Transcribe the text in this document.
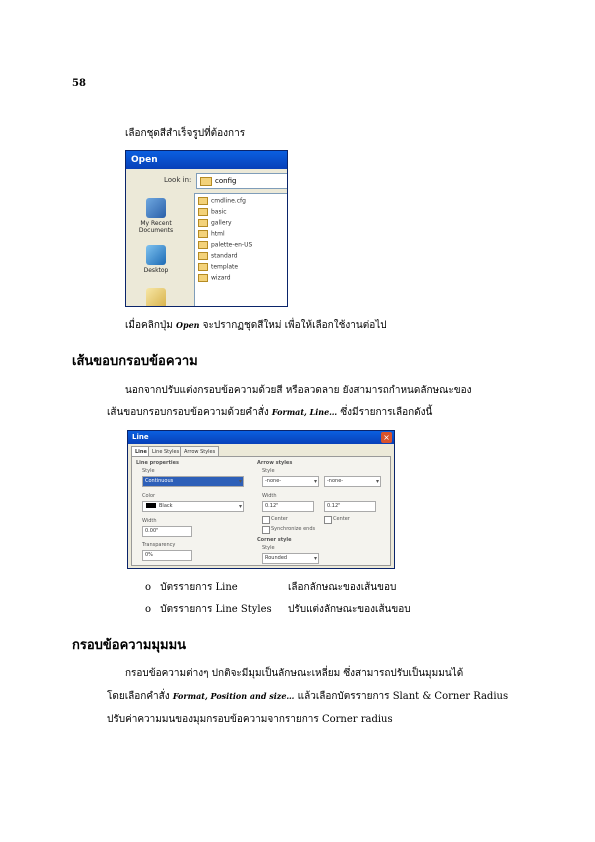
58
เลือกชุดสีสำเร็จรูปที่ต้องการ
Open
Look in:	config
My Recent Documents
Desktop
cmdline.cfg
basic
gallery
html
palette-en-US
standard
template
wizard
เมื่อคลิกปุ่ม Open จะปรากฏชุดสีใหม่ เพื่อให้เลือกใช้งานต่อไป
เส้นขอบกรอบข้อความ
นอกจากปรับแต่งกรอบข้อความด้วยสี หรือลวดลาย ยังสามารถกำหนดลักษณะของ
เส้นขอบกรอบกรอบข้อความด้วยคำสั่ง Format, Line… ซึ่งมีรายการเลือกดังนี้
Line	×
Line	Line Styles Arrow Styles
Line properties
Style
Continuous ▾
Color
Black ▾
Width
0.00"
Transparency
0%
Arrow styles
Style
-none- ▾	-none- ▾
Width
0.12"	0.12"
Center	Center
Synchronize ends
Corner style
Style
Rounded ▾
o บัตรรายการ Line	เลือกลักษณะของเส้นขอบ
o บัตรรายการ Line Styles ปรับแต่งลักษณะของเส้นขอบ
กรอบข้อความมุมมน
กรอบข้อความต่างๆ ปกติจะมีมุมเป็นลักษณะเหลี่ยม ซึ่งสามารถปรับเป็นมุมมนได้
โดยเลือกคำสั่ง Format, Position and size… แล้วเลือกบัตรรายการ Slant & Corner Radius
ปรับค่าความมนของมุมกรอบข้อความจากรายการ Corner radius
